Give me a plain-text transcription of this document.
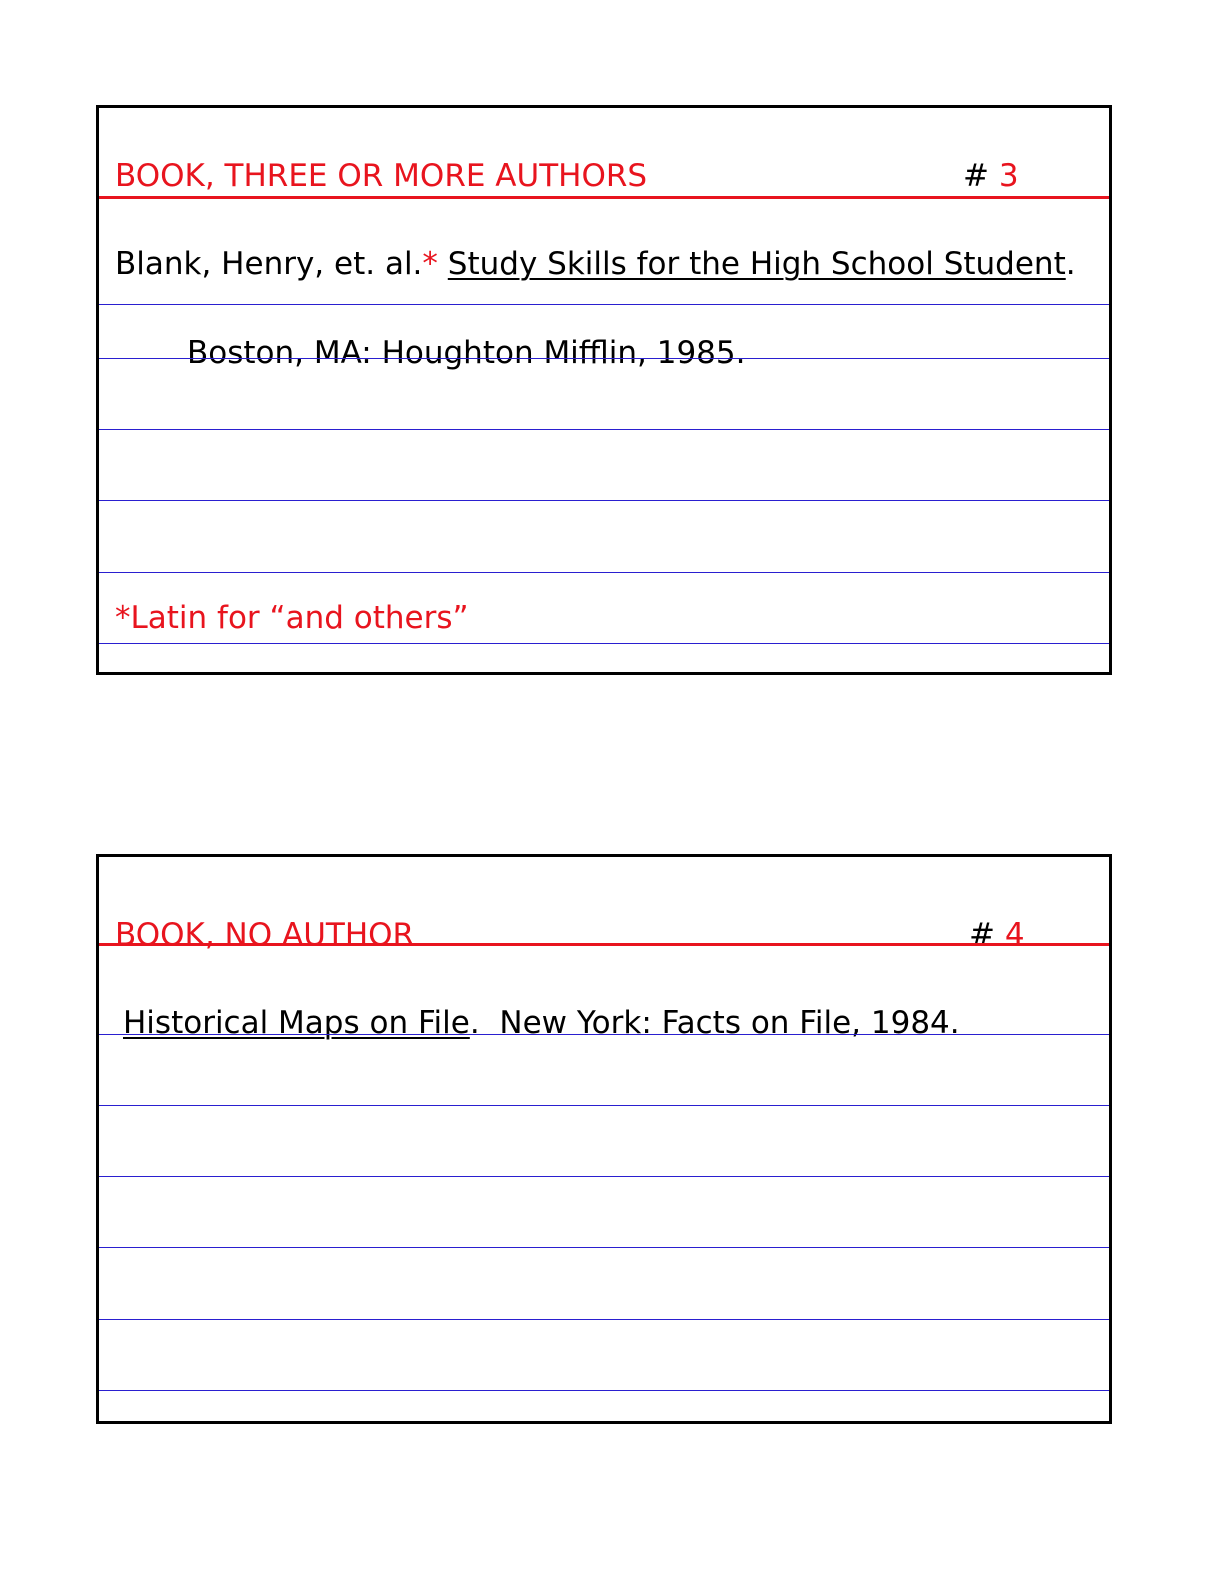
BOOK, THREE OR MORE AUTHORS	# 3
Blank, Henry, et. al.* Study Skills for the High School Student.
Boston, MA: Houghton Mifflin, 1985.
*Latin for “and others”
BOOK, NO AUTHOR	# 4
Historical Maps on File.  New York: Facts on File, 1984.
